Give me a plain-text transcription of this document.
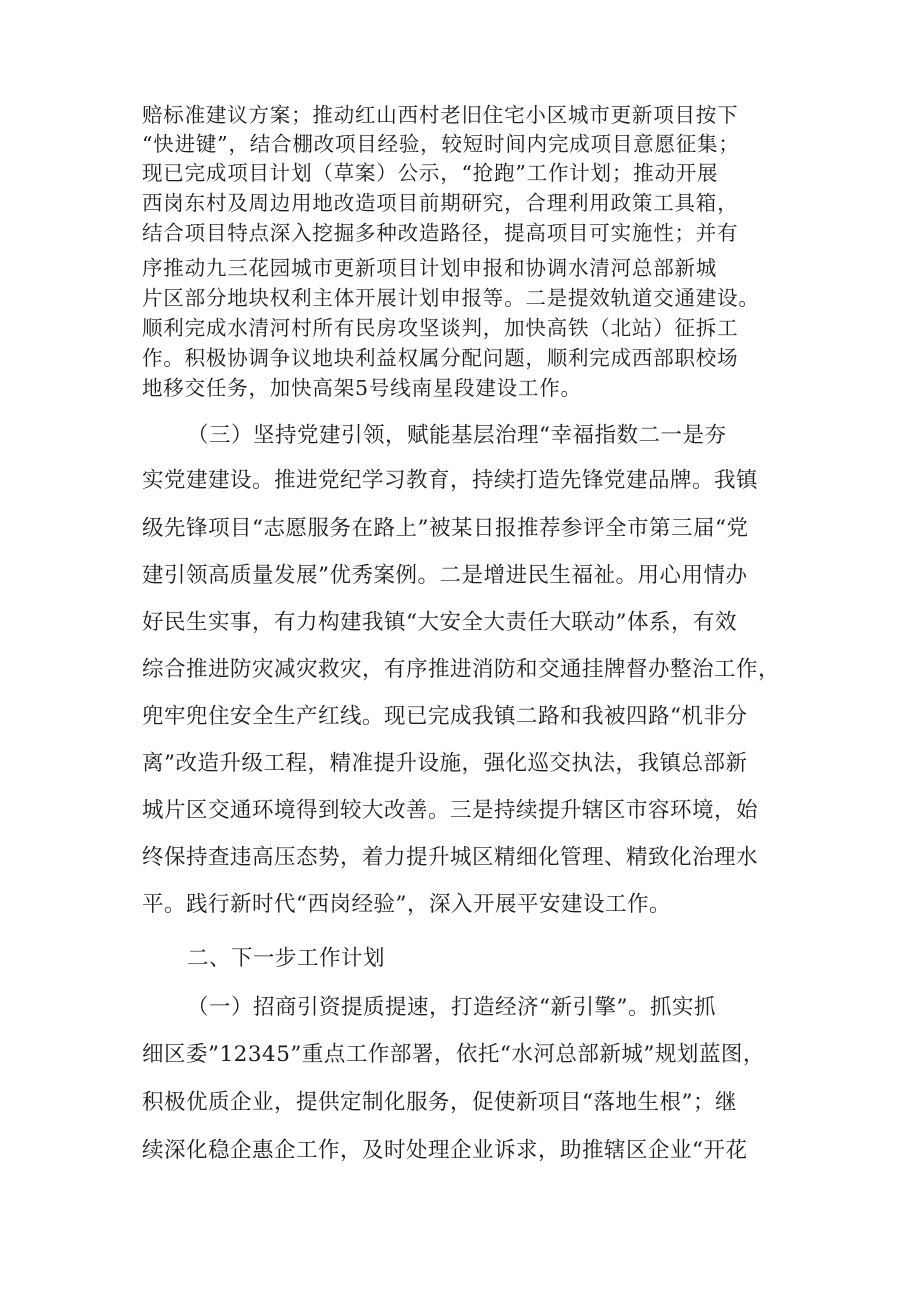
赔标准建议方案；推动红山西村老旧住宅小区城市更新项目按下
“快进键”，结合棚改项目经验，较短时间内完成项目意愿征集；
现已完成项目计划（草案）公示，“抢跑”工作计划；推动开展
西岗东村及周边用地改造项目前期研究，合理利用政策工具箱，
结合项目特点深入挖掘多种改造路径，提高项目可实施性；并有
序推动九三花园城市更新项目计划申报和协调水清河总部新城
片区部分地块权利主体开展计划申报等。二是提效轨道交通建设。
顺利完成水清河村所有民房攻坚谈判，加快高铁（北站）征拆工
作。积极协调争议地块利益权属分配问题，顺利完成西部职校场
地移交任务，加快高架5号线南星段建设工作。
（三）坚持党建引领，赋能基层治理“幸福指数二一是夯
实党建建设。推进党纪学习教育，持续打造先锋党建品牌。我镇
级先锋项目“志愿服务在路上”被某日报推荐参评全市第三届“党
建引领高质量发展”优秀案例。二是增进民生福祉。用心用情办
好民生实事，有力构建我镇“大安全大责任大联动”体系，有效
综合推进防灾减灾救灾，有序推进消防和交通挂牌督办整治工作，
兜牢兜住安全生产红线。现已完成我镇二路和我被四路“机非分
离”改造升级工程，精准提升设施，强化巡交执法，我镇总部新
城片区交通环境得到较大改善。三是持续提升辖区市容环境，始
终保持查违高压态势，着力提升城区精细化管理、精致化治理水
平。践行新时代“西岗经验”，深入开展平安建设工作。
二、下一步工作计划
（一）招商引资提质提速，打造经济“新引擎”。抓实抓
细区委”12345”重点工作部署，依托“水河总部新城”规划蓝图，
积极优质企业，提供定制化服务，促使新项目“落地生根”；继
续深化稳企惠企工作，及时处理企业诉求，助推辖区企业“开花
